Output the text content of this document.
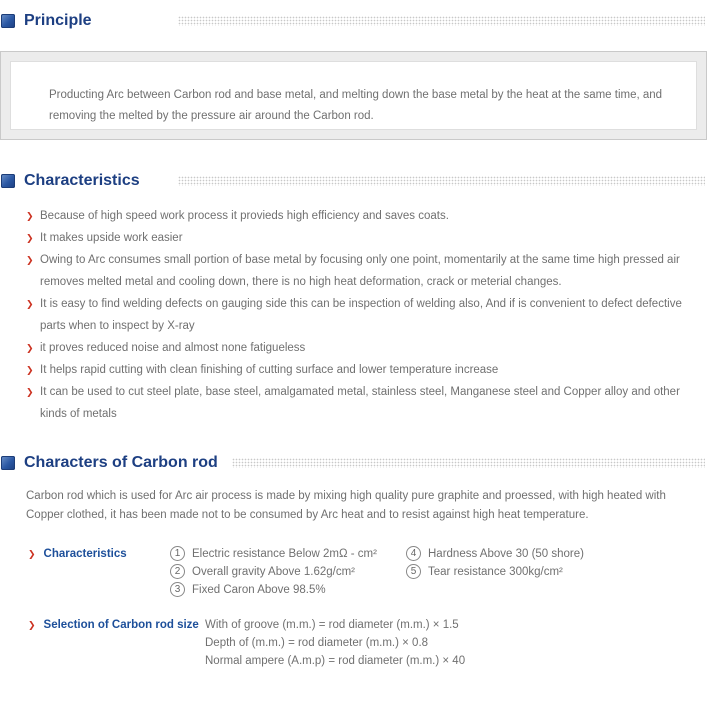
Principle
Producting Arc between Carbon rod and base metal, and melting down the base metal by the heat at the same time, and removing the melted by the pressure air around the Carbon rod.
Characteristics
❯ Because of high speed work process it provieds high efficiency and saves coats.
❯ It makes upside work easier
❯ Owing to Arc consumes small portion of base metal by focusing only one point, momentarily at the same time high pressed air removes melted metal and cooling down, there is no high heat deformation, crack or meterial changes.
❯ It is easy to find welding defects on gauging side this can be inspection of welding also, And if is convenient to defect defective parts when to inspect by X-ray
❯ it proves reduced noise and almost none fatigueless
❯ It helps rapid cutting with clean finishing of cutting surface and lower temperature increase
❯ It can be used to cut steel plate, base steel, amalgamated metal, stainless steel, Manganese steel and Copper alloy and other kinds of metals
Characters of Carbon rod
Carbon rod which is used for Arc air process is made by mixing high quality pure graphite and proessed, with high heated with Copper clothed, it has been made not to be consumed by Arc heat and to resist against high heat temperature.
❯ Characteristics	1 Electric resistance Below 2mΩ - cm²
2 Overall gravity Above 1.62g/cm²
3 Fixed Caron Above 98.5%
4 Hardness Above 30 (50 shore)
5 Tear resistance 300kg/cm²
❯ Selection of Carbon rod size With of groove (m.m.) = rod diameter (m.m.) × 1.5
Depth of (m.m.) = rod diameter (m.m.) × 0.8
Normal ampere (A.m.p) = rod diameter (m.m.) × 40
